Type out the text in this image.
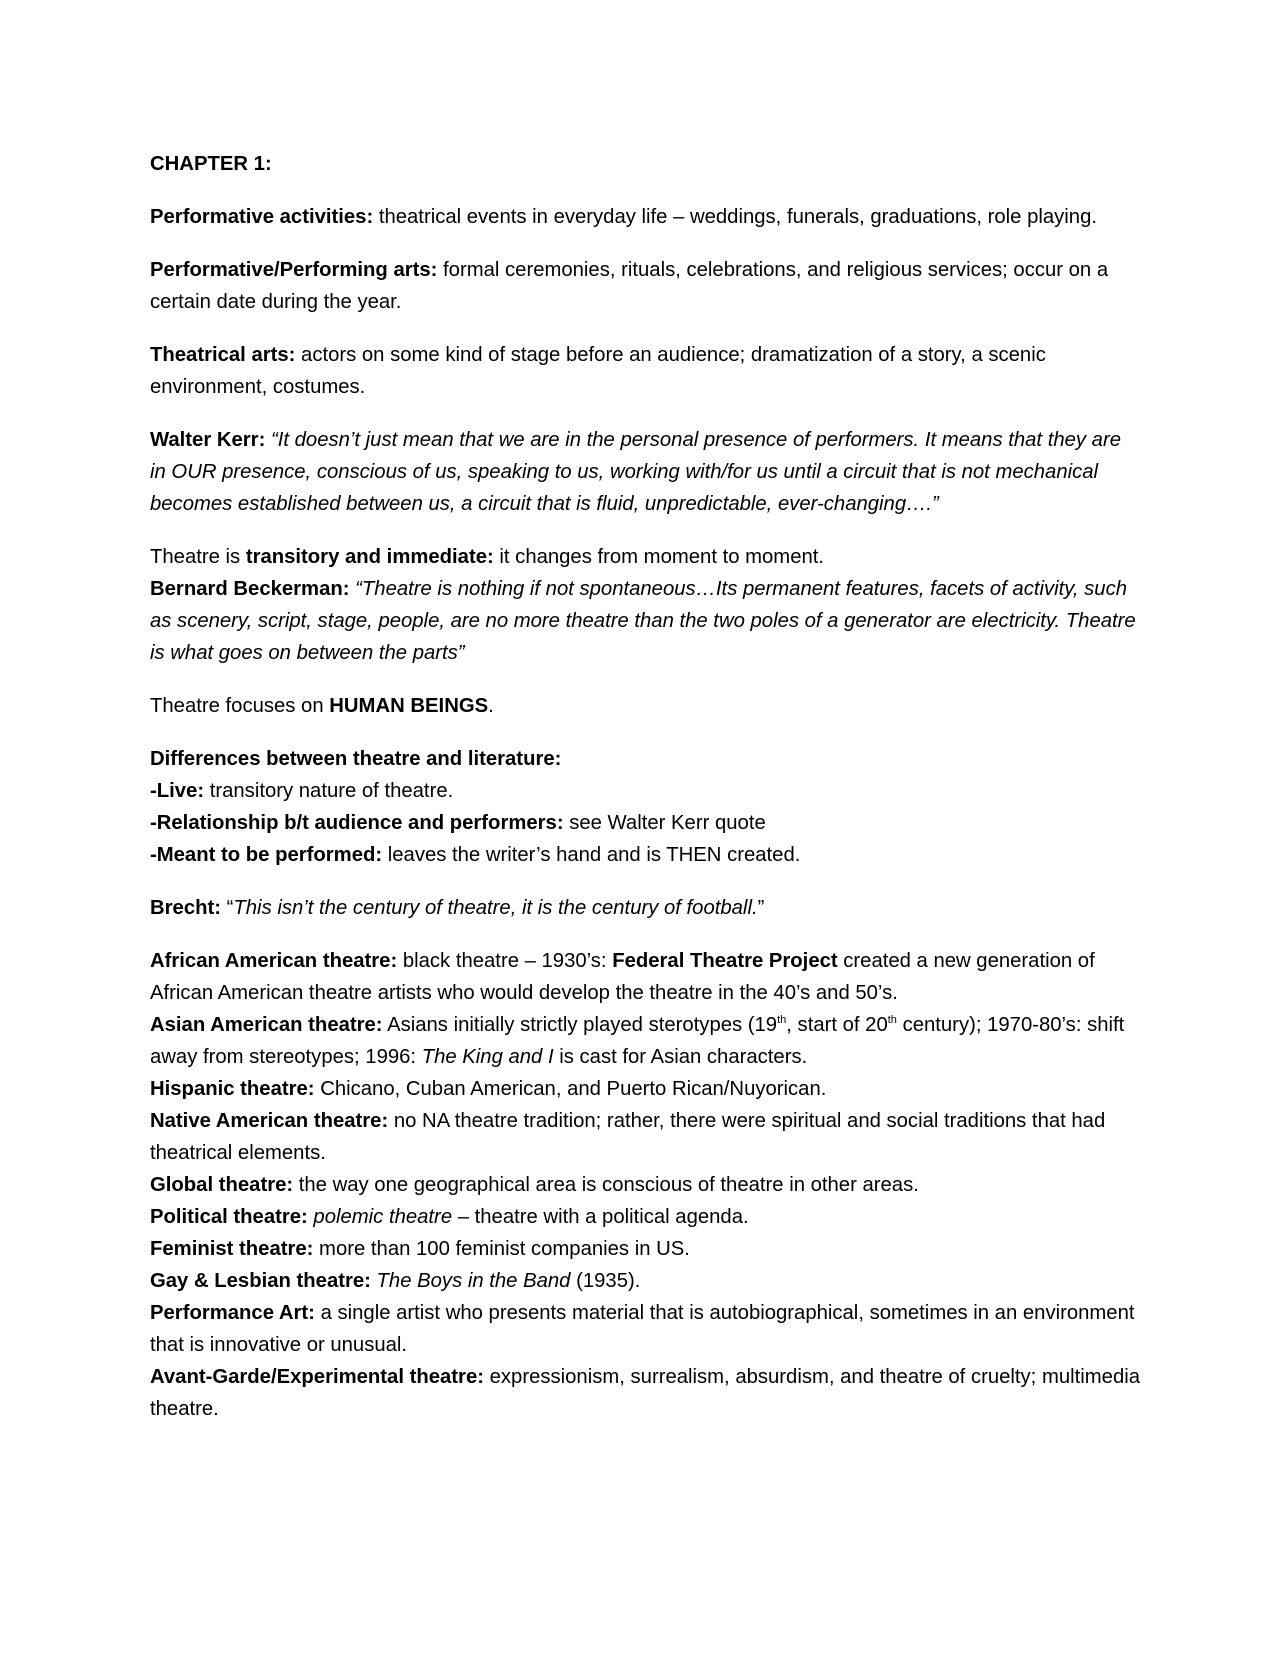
CHAPTER 1:

Performative activities: theatrical events in everyday life – weddings, funerals, graduations, role playing.

Performative/Performing arts: formal ceremonies, rituals, celebrations, and religious services; occur on a certain date during the year.

Theatrical arts: actors on some kind of stage before an audience; dramatization of a story, a scenic environment, costumes.

Walter Kerr: “It doesn’t just mean that we are in the personal presence of performers. It means that they are in OUR presence, conscious of us, speaking to us, working with/for us until a circuit that is not mechanical becomes established between us, a circuit that is fluid, unpredictable, ever-changing….”

Theatre is transitory and immediate: it changes from moment to moment.

Bernard Beckerman: “Theatre is nothing if not spontaneous…Its permanent features, facets of activity, such as scenery, script, stage, people, are no more theatre than the two poles of a generator are electricity. Theatre is what goes on between the parts”

Theatre focuses on HUMAN BEINGS.

Differences between theatre and literature:

-Live: transitory nature of theatre.

-Relationship b/t audience and performers: see Walter Kerr quote

-Meant to be performed: leaves the writer’s hand and is THEN created.

Brecht: “This isn’t the century of theatre, it is the century of football.”

African American theatre: black theatre – 1930’s: Federal Theatre Project created a new generation of African American theatre artists who would develop the theatre in the 40’s and 50’s.

Asian American theatre: Asians initially strictly played sterotypes (19th, start of 20th century); 1970-80’s: shift away from stereotypes; 1996: The King and I is cast for Asian characters.

Hispanic theatre: Chicano, Cuban American, and Puerto Rican/Nuyorican.

Native American theatre: no NA theatre tradition; rather, there were spiritual and social traditions that had theatrical elements.

Global theatre: the way one geographical area is conscious of theatre in other areas.

Political theatre: polemic theatre – theatre with a political agenda.

Feminist theatre: more than 100 feminist companies in US.

Gay & Lesbian theatre: The Boys in the Band (1935).

Performance Art: a single artist who presents material that is autobiographical, sometimes in an environment that is innovative or unusual.

Avant-Garde/Experimental theatre: expressionism, surrealism, absurdism, and theatre of cruelty; multimedia theatre.
